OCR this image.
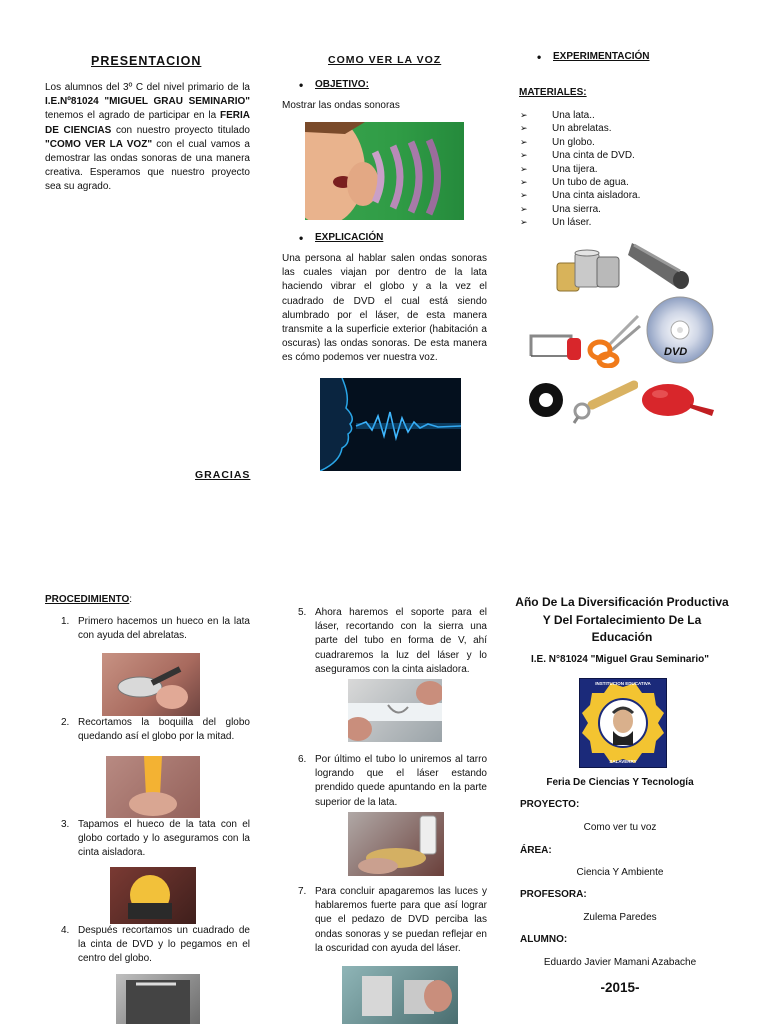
PRESENTACION
Los alumnos del 3º C del nivel primario de la I.E.Nº81024 "MIGUEL GRAU SEMINARIO" tenemos el agrado de participar en la FERIA DE CIENCIAS con nuestro proyecto titulado "COMO VER LA VOZ" con el cual vamos a demostrar las ondas sonoras de una manera creativa. Esperamos que nuestro proyecto sea su agrado.
GRACIAS
COMO VER LA VOZ
• OBJETIVO:
Mostrar las ondas sonoras
• EXPLICACIÓN
Una persona al hablar salen ondas sonoras las cuales viajan por dentro de la lata haciendo vibrar el globo y a la vez el cuadrado de DVD el cual está siendo alumbrado por el láser, de esta manera transmite a la superficie exterior (habitación a oscuras) las ondas sonoras. De esta manera es cómo podemos ver nuestra voz.
• EXPERIMENTACIÓN
MATERIALES:
➢ Una lata..
➢ Un abrelatas.
➢ Un globo.
➢ Una cinta de DVD.
➢ Una tijera.
➢ Un tubo de agua.
➢ Una cinta aisladora.
➢ Una sierra.
➢ Un láser.
DVD
PROCEDIMIENTO:
1. Primero hacemos un hueco en la lata con ayuda del abrelatas.
2. Recortamos la boquilla del globo quedando así el globo por la mitad.
3. Tapamos el hueco de la tata con el globo cortado y lo aseguramos con la cinta aisladora.
4. Después recortamos un cuadrado de la cinta de DVD y lo pegamos en el centro del globo.
5. Ahora haremos el soporte para el láser, recortando con la sierra una parte del tubo en forma de V, ahí cuadraremos la luz del láser y lo aseguramos con la cinta aisladora.
6. Por último el tubo lo uniremos al tarro logrando que el láser estando prendido quede apuntando en la parte superior de la lata.
7. Para concluir apagaremos las luces y hablaremos fuerte para que así lograr que el pedazo de DVD perciba las ondas sonoras y se puedan reflejar en la oscuridad con ayuda del láser.
Año De La Diversificación Productiva Y Del Fortalecimiento De La Educación
I.E. N°81024 "Miguel Grau Seminario"
INSTITUCION EDUCATIVA
SALAVERRY
Feria De Ciencias Y Tecnología
PROYECTO:
Como ver tu voz
ÁREA:
Ciencia Y Ambiente
PROFESORA:
Zulema Paredes
ALUMNO:
Eduardo Javier Mamani Azabache
-2015-
